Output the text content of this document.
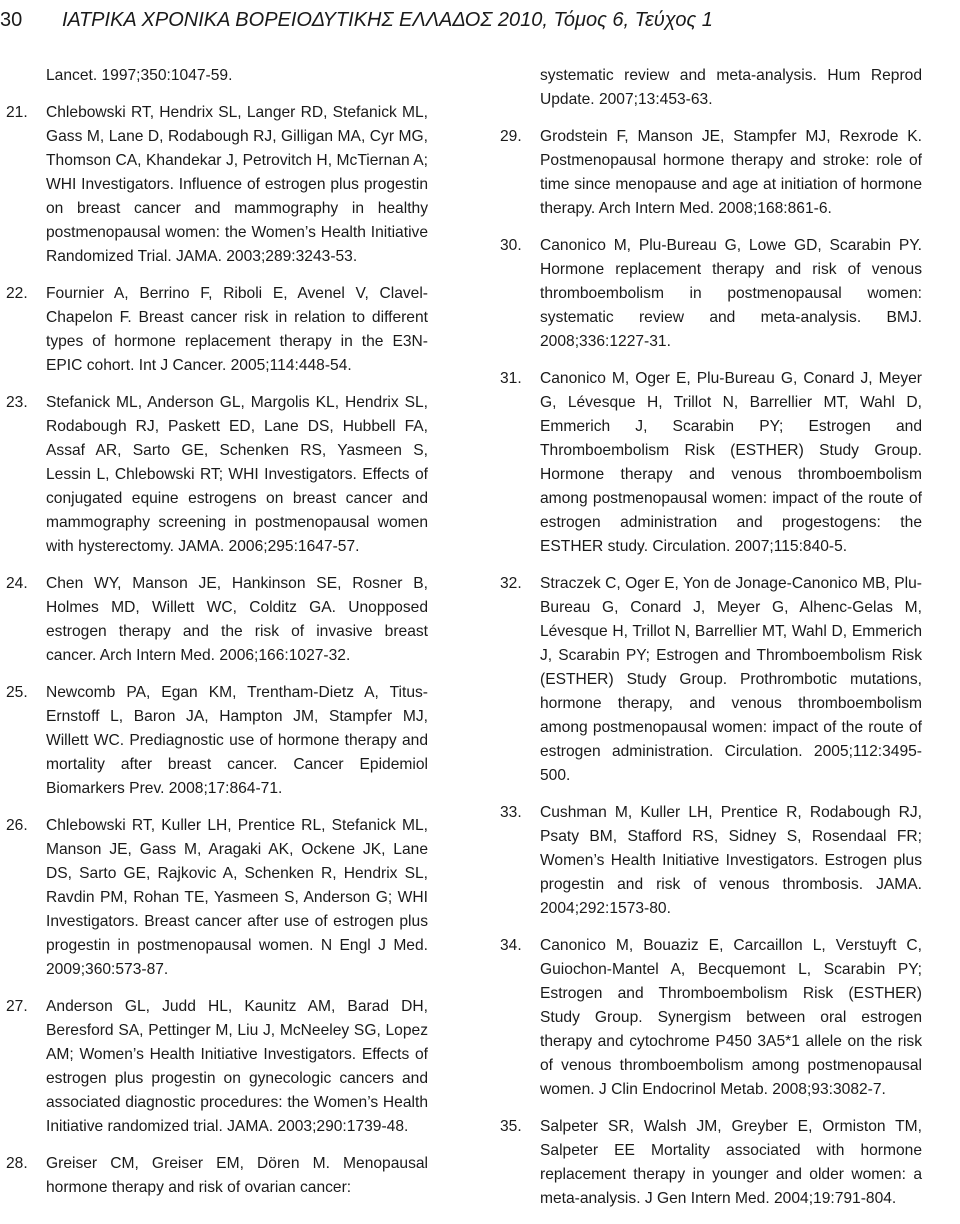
30 ΙΑΤΡΙΚΑ ΧΡΟΝΙΚΑ ΒΟΡΕΙΟΔΥΤΙΚΗΣ ΕΛΛΑΔΟΣ 2010, Τόμος 6, Τεύχος 1
Lancet. 1997;350:1047-59.
21. Chlebowski RT, Hendrix SL, Langer RD, Stefanick ML, Gass M, Lane D, Rodabough RJ, Gilligan MA, Cyr MG, Thomson CA, Khandekar J, Petrovitch H, McTiernan A; WHI Investigators. Influence of estrogen plus progestin on breast cancer and mammography in healthy postmenopausal women: the Women’s Health Initiative Randomized Trial. JAMA. 2003;289:3243-53.
22. Fournier A, Berrino F, Riboli E, Avenel V, Clavel-Chapelon F. Breast cancer risk in relation to different types of hormone replacement therapy in the E3N-EPIC cohort. Int J Cancer. 2005;114:448-54.
23. Stefanick ML, Anderson GL, Margolis KL, Hendrix SL, Rodabough RJ, Paskett ED, Lane DS, Hubbell FA, Assaf AR, Sarto GE, Schenken RS, Yasmeen S, Lessin L, Chlebowski RT; WHI Investigators. Effects of conjugated equine estrogens on breast cancer and mammography screening in postmenopausal women with hysterectomy. JAMA. 2006;295:1647-57.
24. Chen WY, Manson JE, Hankinson SE, Rosner B, Holmes MD, Willett WC, Colditz GA. Unopposed estrogen therapy and the risk of invasive breast cancer. Arch Intern Med. 2006;166:1027-32.
25. Newcomb PA, Egan KM, Trentham-Dietz A, Titus-Ernstoff L, Baron JA, Hampton JM, Stampfer MJ, Willett WC. Prediagnostic use of hormone therapy and mortality after breast cancer. Cancer Epidemiol Biomarkers Prev. 2008;17:864-71.
26. Chlebowski RT, Kuller LH, Prentice RL, Stefanick ML, Manson JE, Gass M, Aragaki AK, Ockene JK, Lane DS, Sarto GE, Rajkovic A, Schenken R, Hendrix SL, Ravdin PM, Rohan TE, Yasmeen S, Anderson G; WHI Investigators. Breast cancer after use of estrogen plus progestin in postmenopausal women. N Engl J Med. 2009;360:573-87.
27. Anderson GL, Judd HL, Kaunitz AM, Barad DH, Beresford SA, Pettinger M, Liu J, McNeeley SG, Lopez AM; Women’s Health Initiative Investigators. Effects of estrogen plus progestin on gynecologic cancers and associated diagnostic procedures: the Women’s Health Initiative randomized trial. JAMA. 2003;290:1739-48.
28. Greiser CM, Greiser EM, Dören M. Menopausal hormone therapy and risk of ovarian cancer:
systematic review and meta-analysis. Hum Reprod Update. 2007;13:453-63.
29. Grodstein F, Manson JE, Stampfer MJ, Rexrode K. Postmenopausal hormone therapy and stroke: role of time since menopause and age at initiation of hormone therapy. Arch Intern Med. 2008;168:861-6.
30. Canonico M, Plu-Bureau G, Lowe GD, Scarabin PY. Hormone replacement therapy and risk of venous thromboembolism in postmenopausal women: systematic review and meta-analysis. BMJ. 2008;336:1227-31.
31. Canonico M, Oger E, Plu-Bureau G, Conard J, Meyer G, Lévesque H, Trillot N, Barrellier MT, Wahl D, Emmerich J, Scarabin PY; Estrogen and Thromboembolism Risk (ESTHER) Study Group. Hormone therapy and venous thromboembolism among postmenopausal women: impact of the route of estrogen administration and progestogens: the ESTHER study. Circulation. 2007;115:840-5.
32. Straczek C, Oger E, Yon de Jonage-Canonico MB, Plu-Bureau G, Conard J, Meyer G, Alhenc-Gelas M, Lévesque H, Trillot N, Barrellier MT, Wahl D, Emmerich J, Scarabin PY; Estrogen and Thromboembolism Risk (ESTHER) Study Group. Prothrombotic mutations, hormone therapy, and venous thromboembolism among postmenopausal women: impact of the route of estrogen administration. Circulation. 2005;112:3495-500.
33. Cushman M, Kuller LH, Prentice R, Rodabough RJ, Psaty BM, Stafford RS, Sidney S, Rosendaal FR; Women’s Health Initiative Investigators. Estrogen plus progestin and risk of venous thrombosis. JAMA. 2004;292:1573-80.
34. Canonico M, Bouaziz E, Carcaillon L, Verstuyft C, Guiochon-Mantel A, Becquemont L, Scarabin PY; Estrogen and Thromboembolism Risk (ESTHER) Study Group. Synergism between oral estrogen therapy and cytochrome P450 3A5*1 allele on the risk of venous thromboembolism among postmenopausal women. J Clin Endocrinol Metab. 2008;93:3082-7.
35. Salpeter SR, Walsh JM, Greyber E, Ormiston TM, Salpeter EE Mortality associated with hormone replacement therapy in younger and older women: a meta-analysis. J Gen Intern Med. 2004;19:791-804.
